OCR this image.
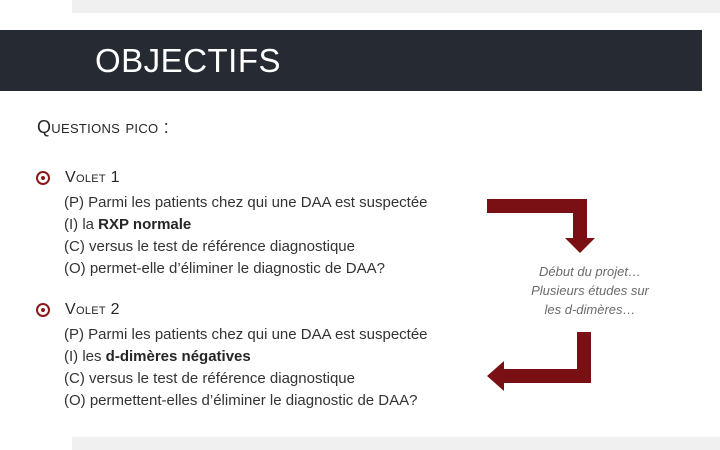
OBJECTIFS
Questions pico :
Volet 1
(P) Parmi les patients chez qui une DAA est suspectée
(I) la RXP normale
(C) versus le test de référence diagnostique
(O) permet-elle d’éliminer le diagnostic de DAA?
Volet 2
(P) Parmi les patients chez qui une DAA est suspectée
(I) les d-dimères négatives
(C) versus le test de référence diagnostique
(O) permettent-elles d’éliminer le diagnostic de DAA?
Début du projet…
Plusieurs études sur
les d-dimères…
